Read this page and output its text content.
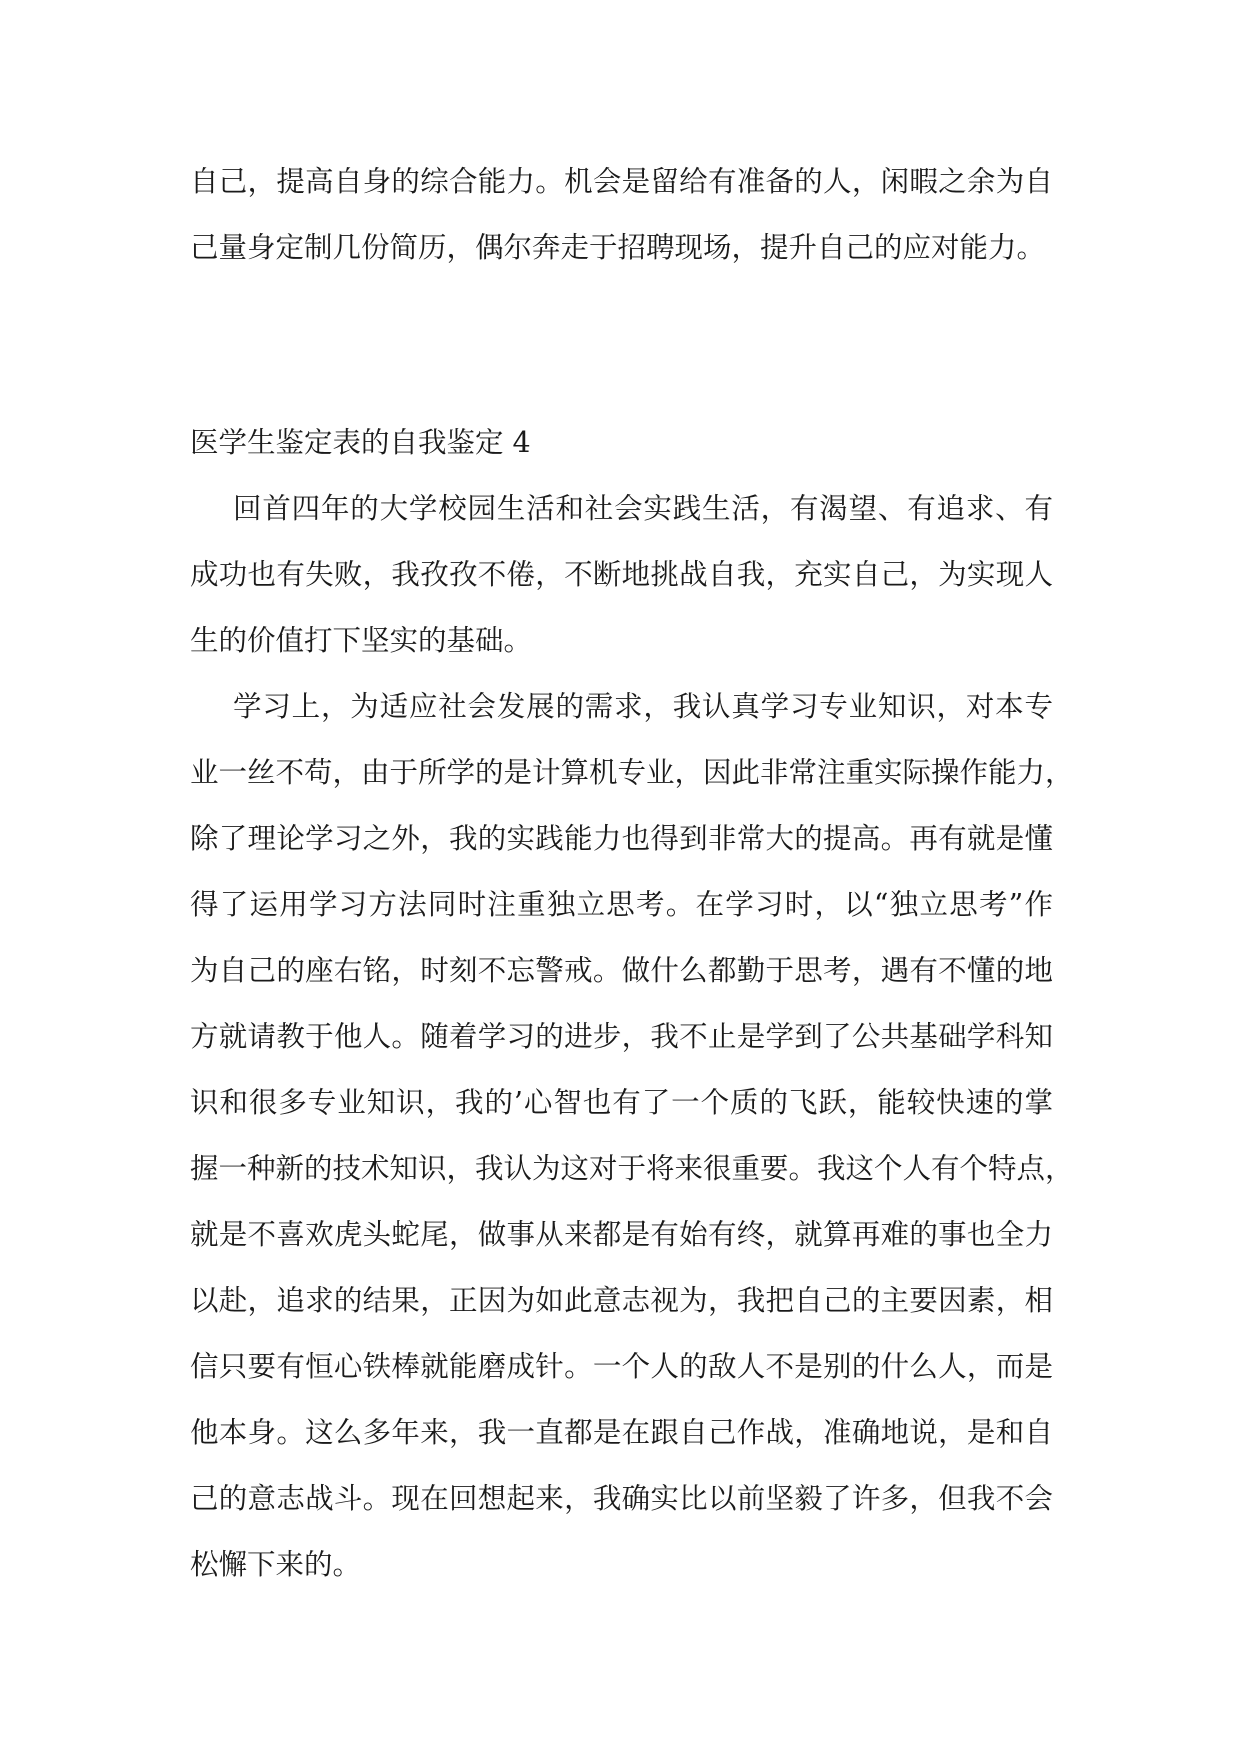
自己，提高自身的综合能力。机会是留给有准备的人，闲暇之余为自
己量身定制几份简历，偶尔奔走于招聘现场，提升自己的应对能力。
医学生鉴定表的自我鉴定 4
回首四年的大学校园生活和社会实践生活，有渴望、有追求、有
成功也有失败，我孜孜不倦，不断地挑战自我，充实自己，为实现人
生的价值打下坚实的基础。
学习上，为适应社会发展的需求，我认真学习专业知识，对本专
业一丝不苟，由于所学的是计算机专业，因此非常注重实际操作能力，
除了理论学习之外，我的实践能力也得到非常大的提高。再有就是懂
得了运用学习方法同时注重独立思考。在学习时，以“独立思考”作
为自己的座右铭，时刻不忘警戒。做什么都勤于思考，遇有不懂的地
方就请教于他人。随着学习的进步，我不止是学到了公共基础学科知
识和很多专业知识，我的’心智也有了一个质的飞跃，能较快速的掌
握一种新的技术知识，我认为这对于将来很重要。我这个人有个特点，
就是不喜欢虎头蛇尾，做事从来都是有始有终，就算再难的事也全力
以赴，追求的结果，正因为如此意志视为，我把自己的主要因素，相
信只要有恒心铁棒就能磨成针。一个人的敌人不是别的什么人，而是
他本身。这么多年来，我一直都是在跟自己作战，准确地说，是和自
己的意志战斗。现在回想起来，我确实比以前坚毅了许多，但我不会
松懈下来的。
